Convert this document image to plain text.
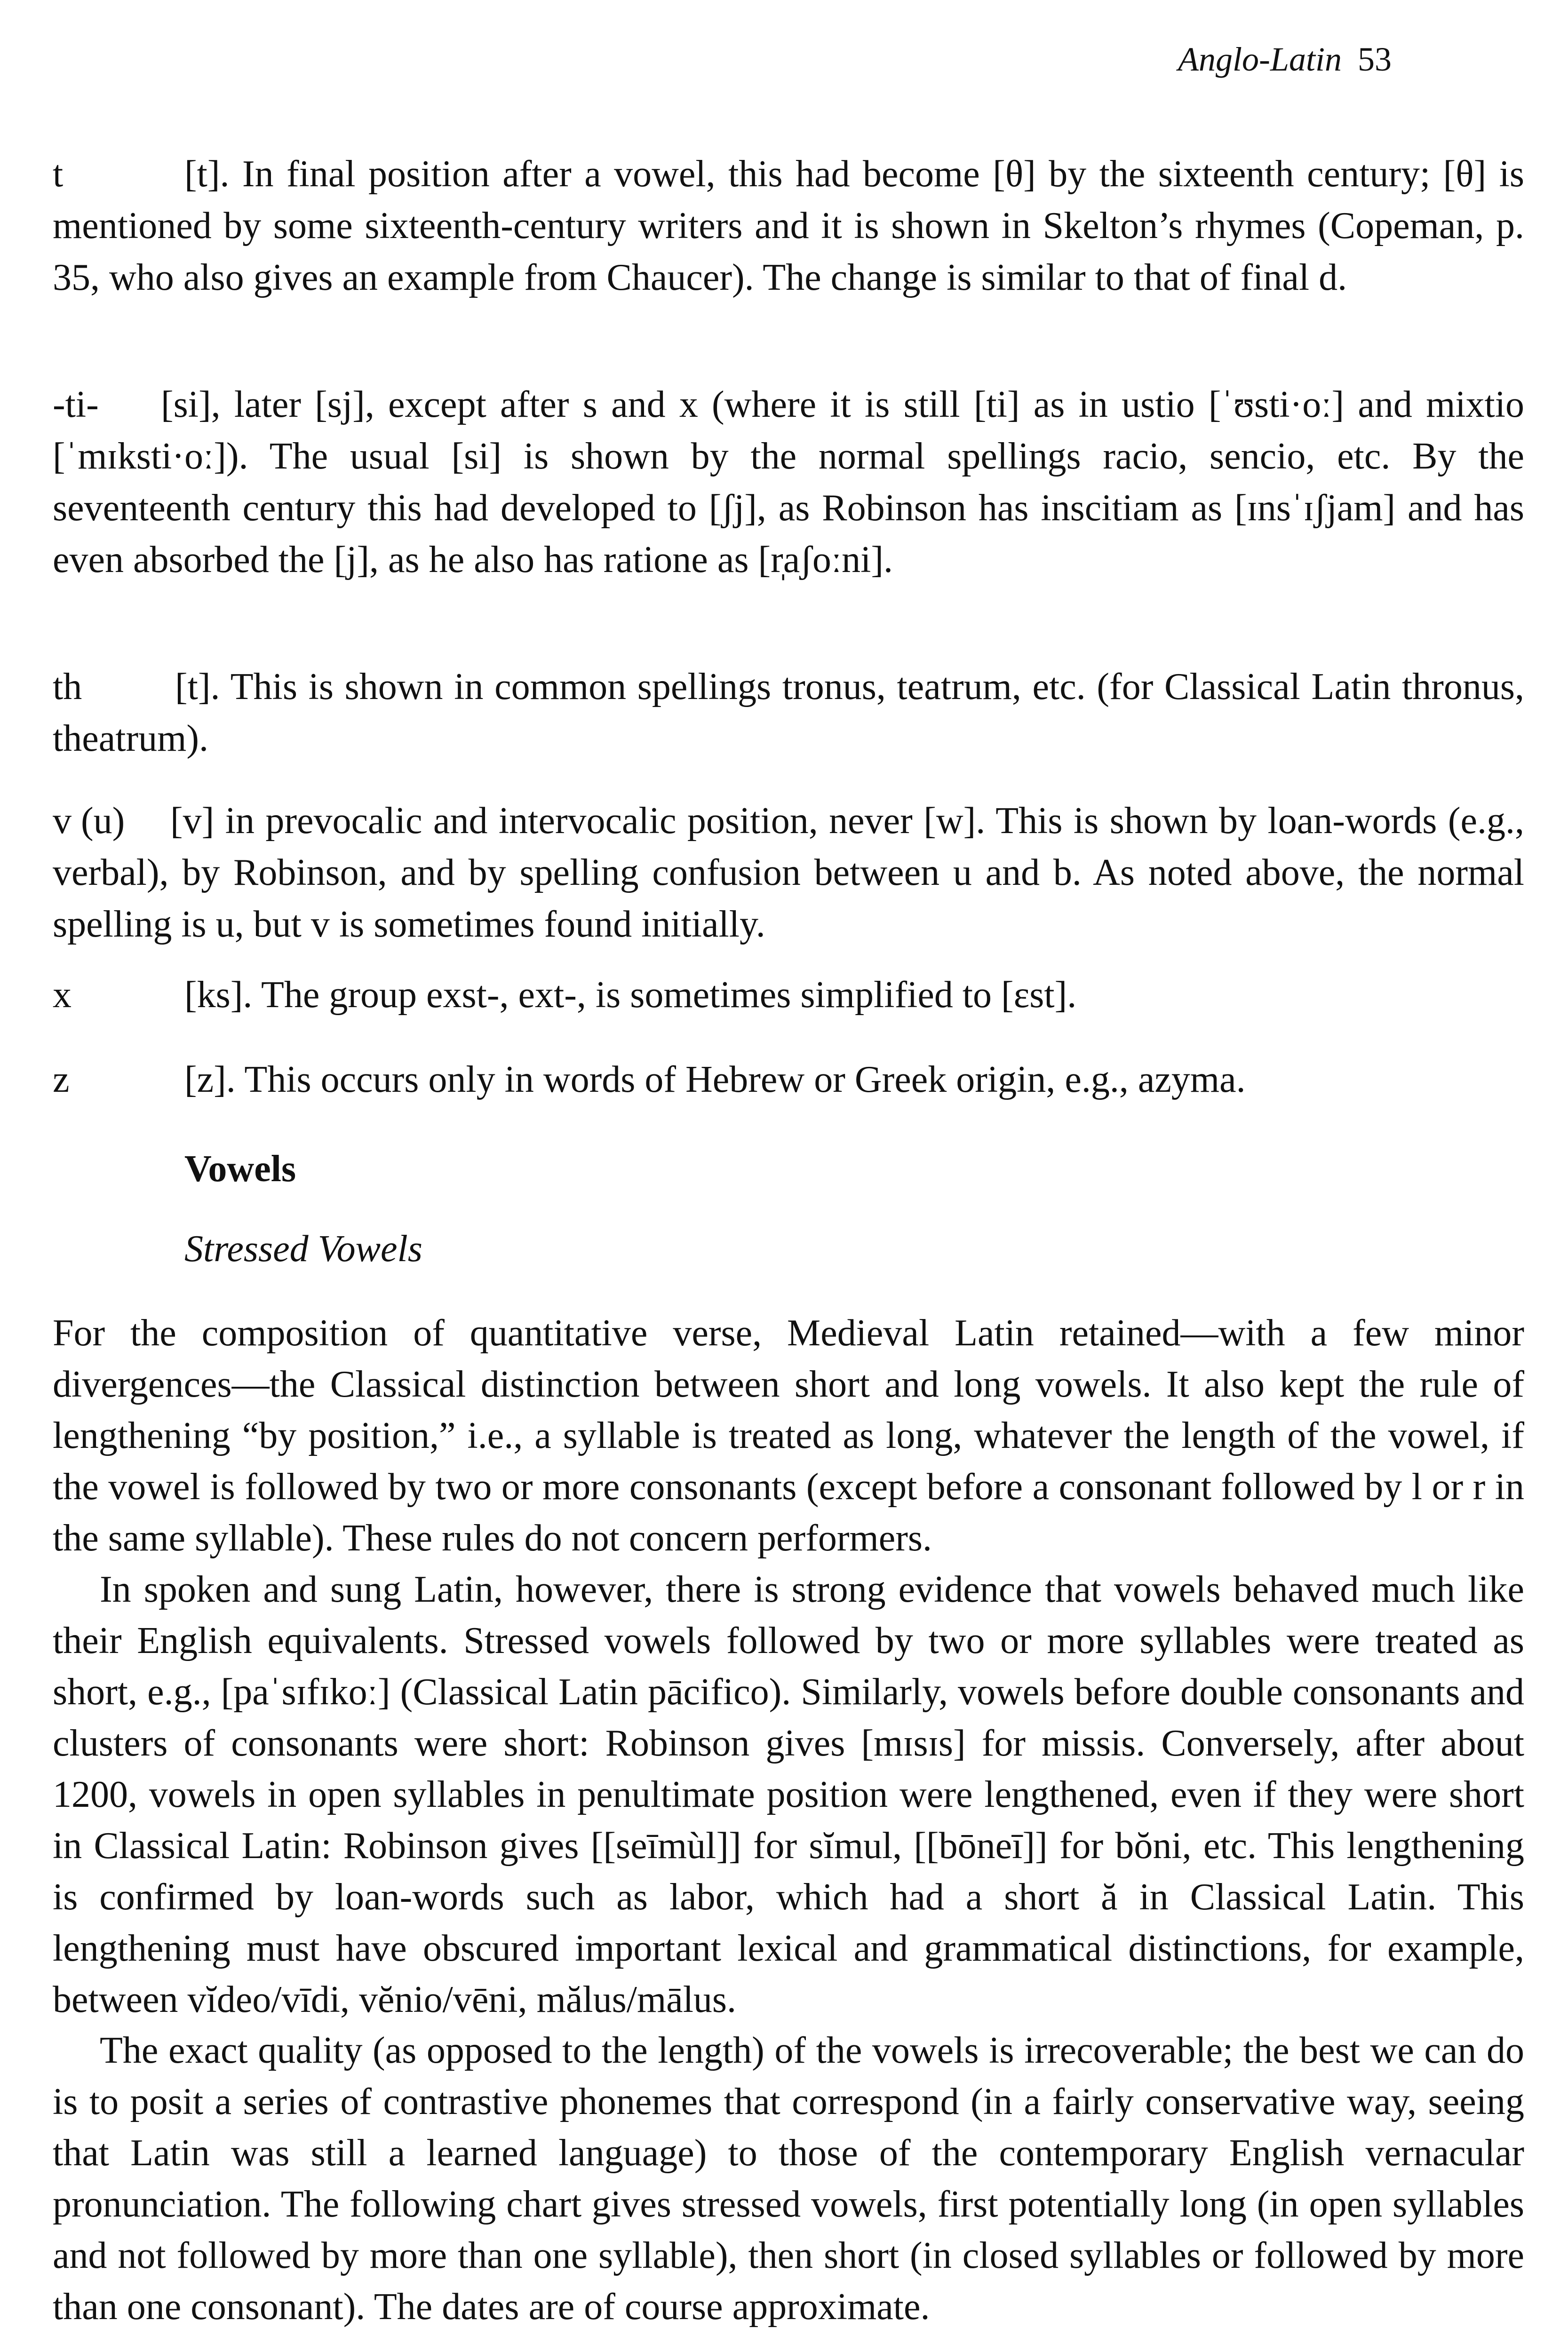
Anglo-Latin 53
t	[t]. In final position after a vowel, this had become [θ] by the sixteenth century; [θ] is mentioned by some sixteenth-century writers and it is shown in Skelton’s rhymes (Copeman, p. 35, who also gives an example from Chaucer). The change is similar to that of final d.
-ti- [si], later [sj], except after s and x (where it is still [ti] as in ustio [ˈʊsti·oː] and mixtio [ˈmɪksti·oː]). The usual [si] is shown by the normal spellings racio, sencio, etc. By the seventeenth century this had developed to [ʃj], as Robinson has inscitiam as [ɪnsˈɪʃjam] and has even absorbed the [j], as he also has ratione as [r̩aʃoːni].
th [t]. This is shown in common spellings tronus, teatrum, etc. (for Classical Latin thronus, theatrum).
v (u) [v] in prevocalic and intervocalic position, never [w]. This is shown by loan-words (e.g., verbal), by Robinson, and by spelling confusion between u and b. As noted above, the normal spelling is u, but v is sometimes found initially.
x	[ks]. The group exst-, ext-, is sometimes simplified to [ɛst].
z	[z]. This occurs only in words of Hebrew or Greek origin, e.g., azyma.
Vowels
Stressed Vowels
For the composition of quantitative verse, Medieval Latin retained—with a few minor divergences—the Classical distinction between short and long vowels. It also kept the rule of lengthening “by position,” i.e., a syllable is treated as long, whatever the length of the vowel, if the vowel is followed by two or more consonants (except before a consonant followed by l or r in the same syllable). These rules do not concern performers.
In spoken and sung Latin, however, there is strong evidence that vowels behaved much like their English equivalents. Stressed vowels followed by two or more syllables were treated as short, e.g., [paˈsɪfɪkoː] (Classical Latin pācifico). Similarly, vowels before double consonants and clusters of consonants were short: Robinson gives [mɪsɪs] for missis. Conversely, after about 1200, vowels in open syllables in penultimate position were lengthened, even if they were short in Classical Latin: Robinson gives [[seīmùl]] for sĭmul, [[bōneī]] for bŏni, etc. This lengthening is confirmed by loan-words such as labor, which had a short ă in Classical Latin. This lengthening must have obscured important lexical and grammatical distinctions, for example, between vĭdeo/vīdi, vĕnio/vēni, mălus/mālus.
The exact quality (as opposed to the length) of the vowels is irrecoverable; the best we can do is to posit a series of contrastive phonemes that correspond (in a fairly conservative way, seeing that Latin was still a learned language) to those of the contemporary English vernacular pronunciation. The following chart gives stressed vowels, first potentially long (in open syllables and not followed by more than one syllable), then short (in closed syllables or followed by more than one consonant). The dates are of course approximate.
